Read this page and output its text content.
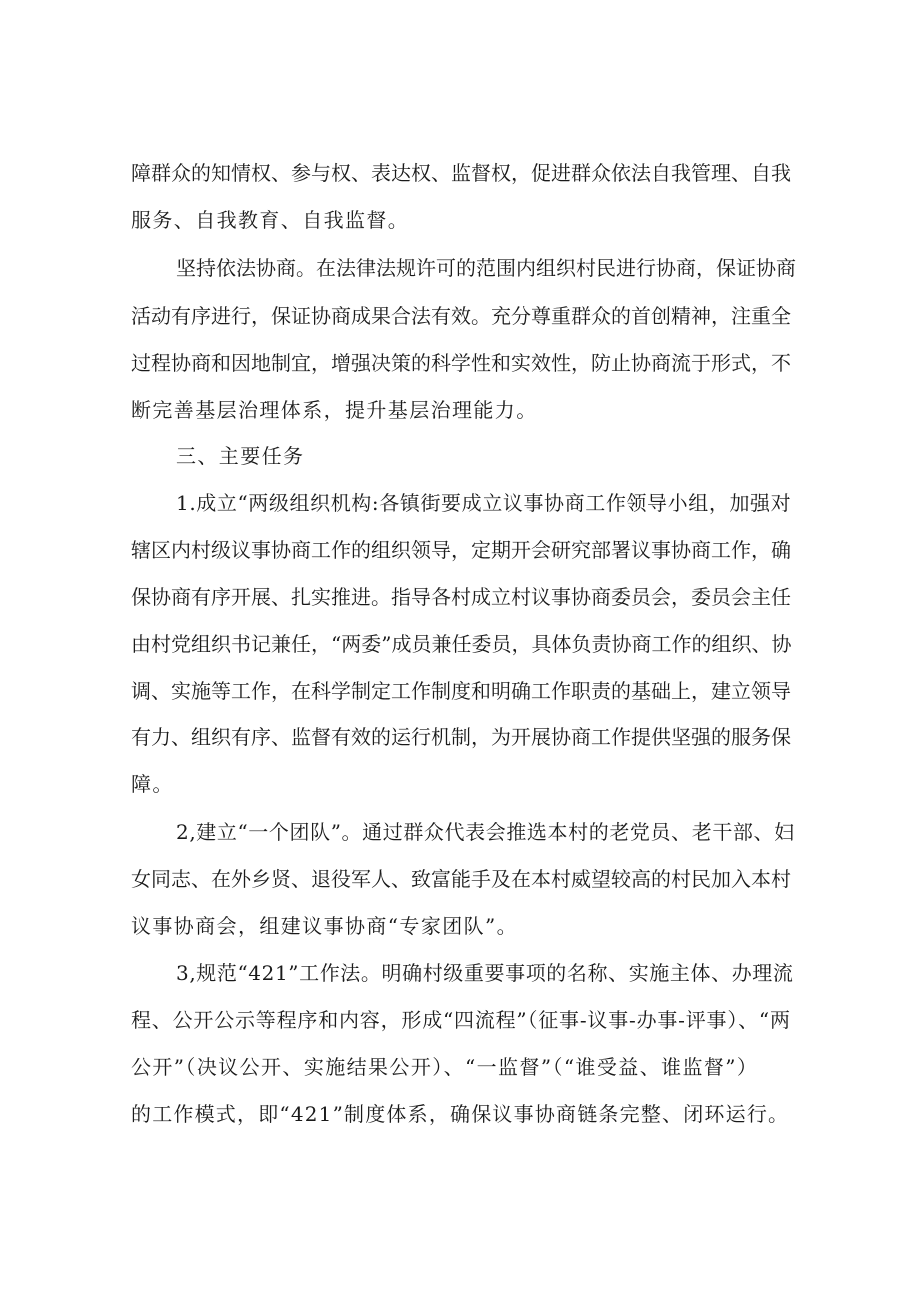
障群众的知情权、参与权、表达权、监督权，促进群众依法自我管理、自我
服务、自我教育、自我监督。
坚持依法协商。在法律法规许可的范围内组织村民进行协商，保证协商
活动有序进行，保证协商成果合法有效。充分尊重群众的首创精神，注重全
过程协商和因地制宜，增强决策的科学性和实效性，防止协商流于形式，不
断完善基层治理体系，提升基层治理能力。
三、主要任务
1.成立“两级组织机构:各镇街要成立议事协商工作领导小组，加强对
辖区内村级议事协商工作的组织领导，定期开会研究部署议事协商工作，确
保协商有序开展、扎实推进。指导各村成立村议事协商委员会，委员会主任
由村党组织书记兼任，“两委”成员兼任委员，具体负责协商工作的组织、协
调、实施等工作，在科学制定工作制度和明确工作职责的基础上，建立领导
有力、组织有序、监督有效的运行机制，为开展协商工作提供坚强的服务保
障。
2,建立“一个团队”。通过群众代表会推选本村的老党员、老干部、妇
女同志、在外乡贤、退役军人、致富能手及在本村威望较高的村民加入本村
议事协商会，组建议事协商“专家团队”。
3,规范“421”工作法。明确村级重要事项的名称、实施主体、办理流
程、公开公示等程序和内容，形成“四流程”（征事-议事-办事-评事）、“两
公开”（决议公开、实施结果公开）、“一监督”（“谁受益、谁监督”）
的工作模式，即“421”制度体系，确保议事协商链条完整、闭环运行。
